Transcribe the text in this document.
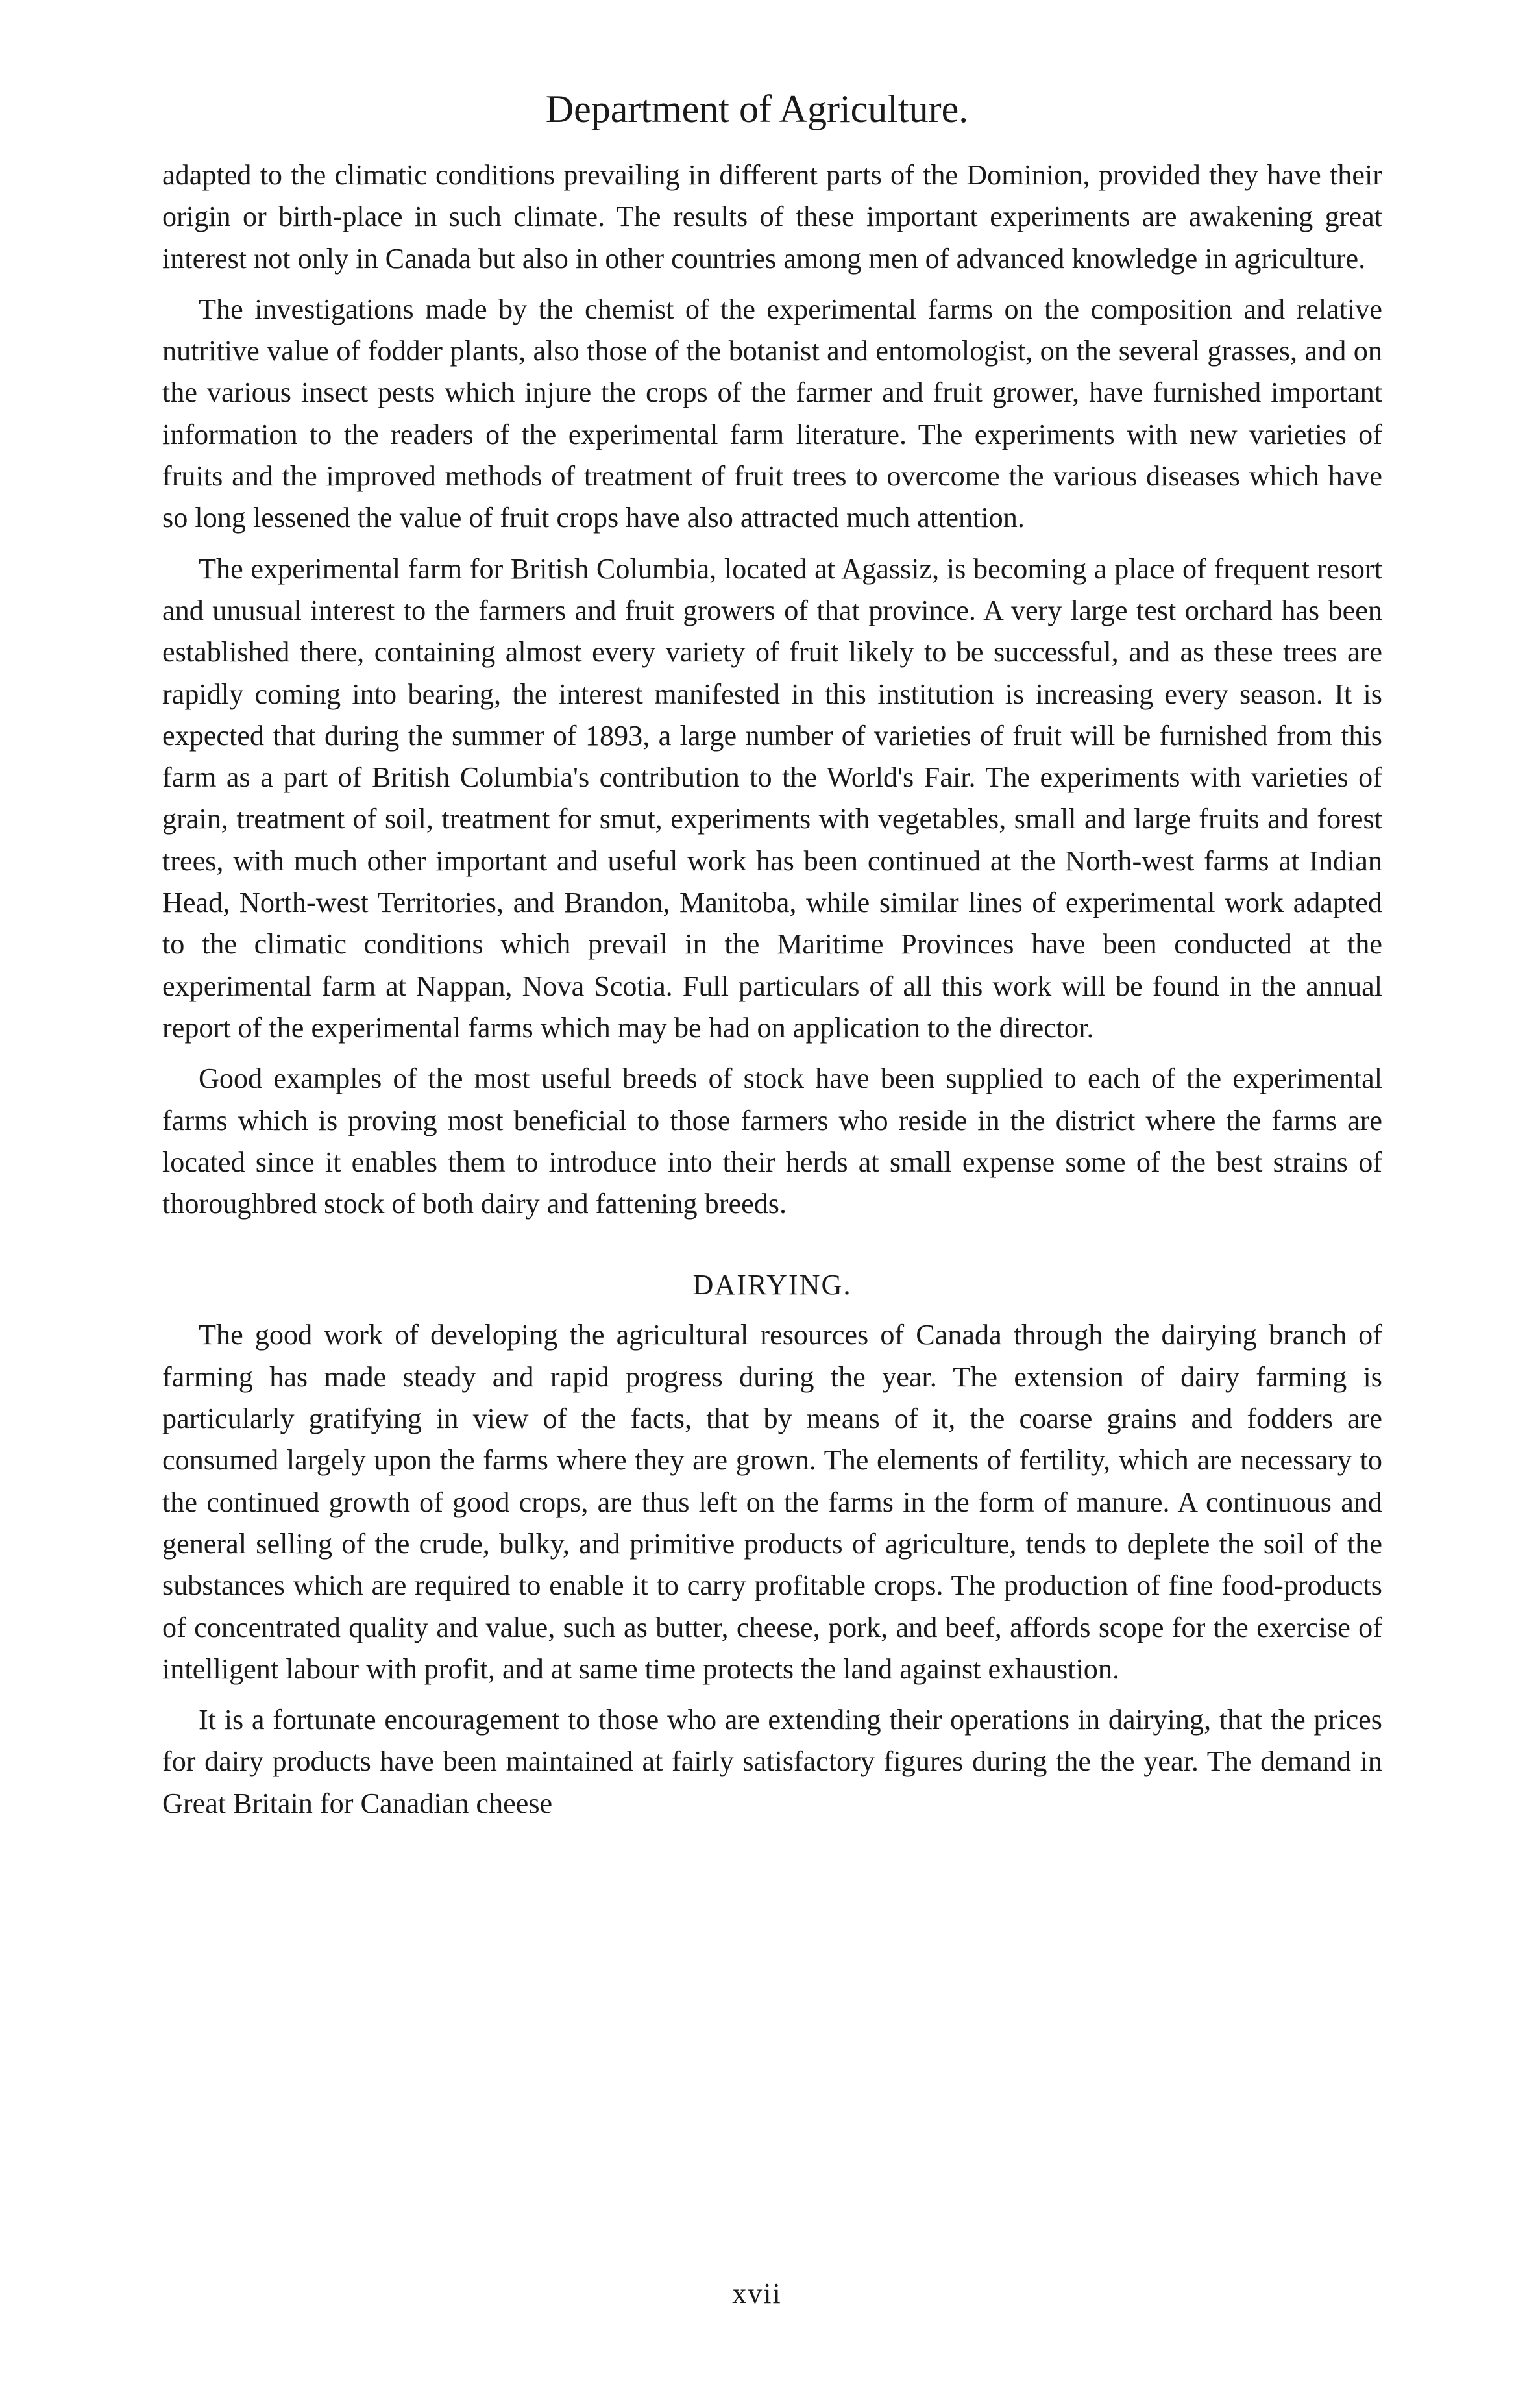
Department of Agriculture.

adapted to the climatic conditions prevailing in different parts of the Dominion, provided they have their origin or birth-place in such climate. The results of these important experiments are awakening great interest not only in Canada but also in other countries among men of advanced knowledge in agriculture.

The investigations made by the chemist of the experimental farms on the composition and relative nutritive value of fodder plants, also those of the botanist and entomologist, on the several grasses, and on the various insect pests which injure the crops of the farmer and fruit grower, have furnished important information to the readers of the experimental farm literature. The experiments with new varieties of fruits and the improved methods of treatment of fruit trees to overcome the various diseases which have so long lessened the value of fruit crops have also attracted much attention.

The experimental farm for British Columbia, located at Agassiz, is becoming a place of frequent resort and unusual interest to the farmers and fruit growers of that province. A very large test orchard has been established there, containing almost every variety of fruit likely to be successful, and as these trees are rapidly coming into bearing, the interest manifested in this institution is increasing every season. It is expected that during the summer of 1893, a large number of varieties of fruit will be furnished from this farm as a part of British Columbia's contribution to the World's Fair. The experiments with varieties of grain, treatment of soil, treatment for smut, experiments with vegetables, small and large fruits and forest trees, with much other important and useful work has been continued at the North-west farms at Indian Head, North-west Territories, and Brandon, Manitoba, while similar lines of experimental work adapted to the climatic conditions which prevail in the Maritime Provinces have been conducted at the experimental farm at Nappan, Nova Scotia. Full particulars of all this work will be found in the annual report of the experimental farms which may be had on application to the director.

Good examples of the most useful breeds of stock have been supplied to each of the experimental farms which is proving most beneficial to those farmers who reside in the district where the farms are located since it enables them to introduce into their herds at small expense some of the best strains of thoroughbred stock of both dairy and fattening breeds.

DAIRYING.

The good work of developing the agricultural resources of Canada through the dairying branch of farming has made steady and rapid progress during the year. The extension of dairy farming is particularly gratifying in view of the facts, that by means of it, the coarse grains and fodders are consumed largely upon the farms where they are grown. The elements of fertility, which are necessary to the continued growth of good crops, are thus left on the farms in the form of manure. A continuous and general selling of the crude, bulky, and primitive products of agriculture, tends to deplete the soil of the substances which are required to enable it to carry profitable crops. The production of fine food-products of concentrated quality and value, such as butter, cheese, pork, and beef, affords scope for the exercise of intelligent labour with profit, and at same time protects the land against exhaustion.

It is a fortunate encouragement to those who are extending their operations in dairying, that the prices for dairy products have been maintained at fairly satisfactory figures during the the year. The demand in Great Britain for Canadian cheese

xvii
